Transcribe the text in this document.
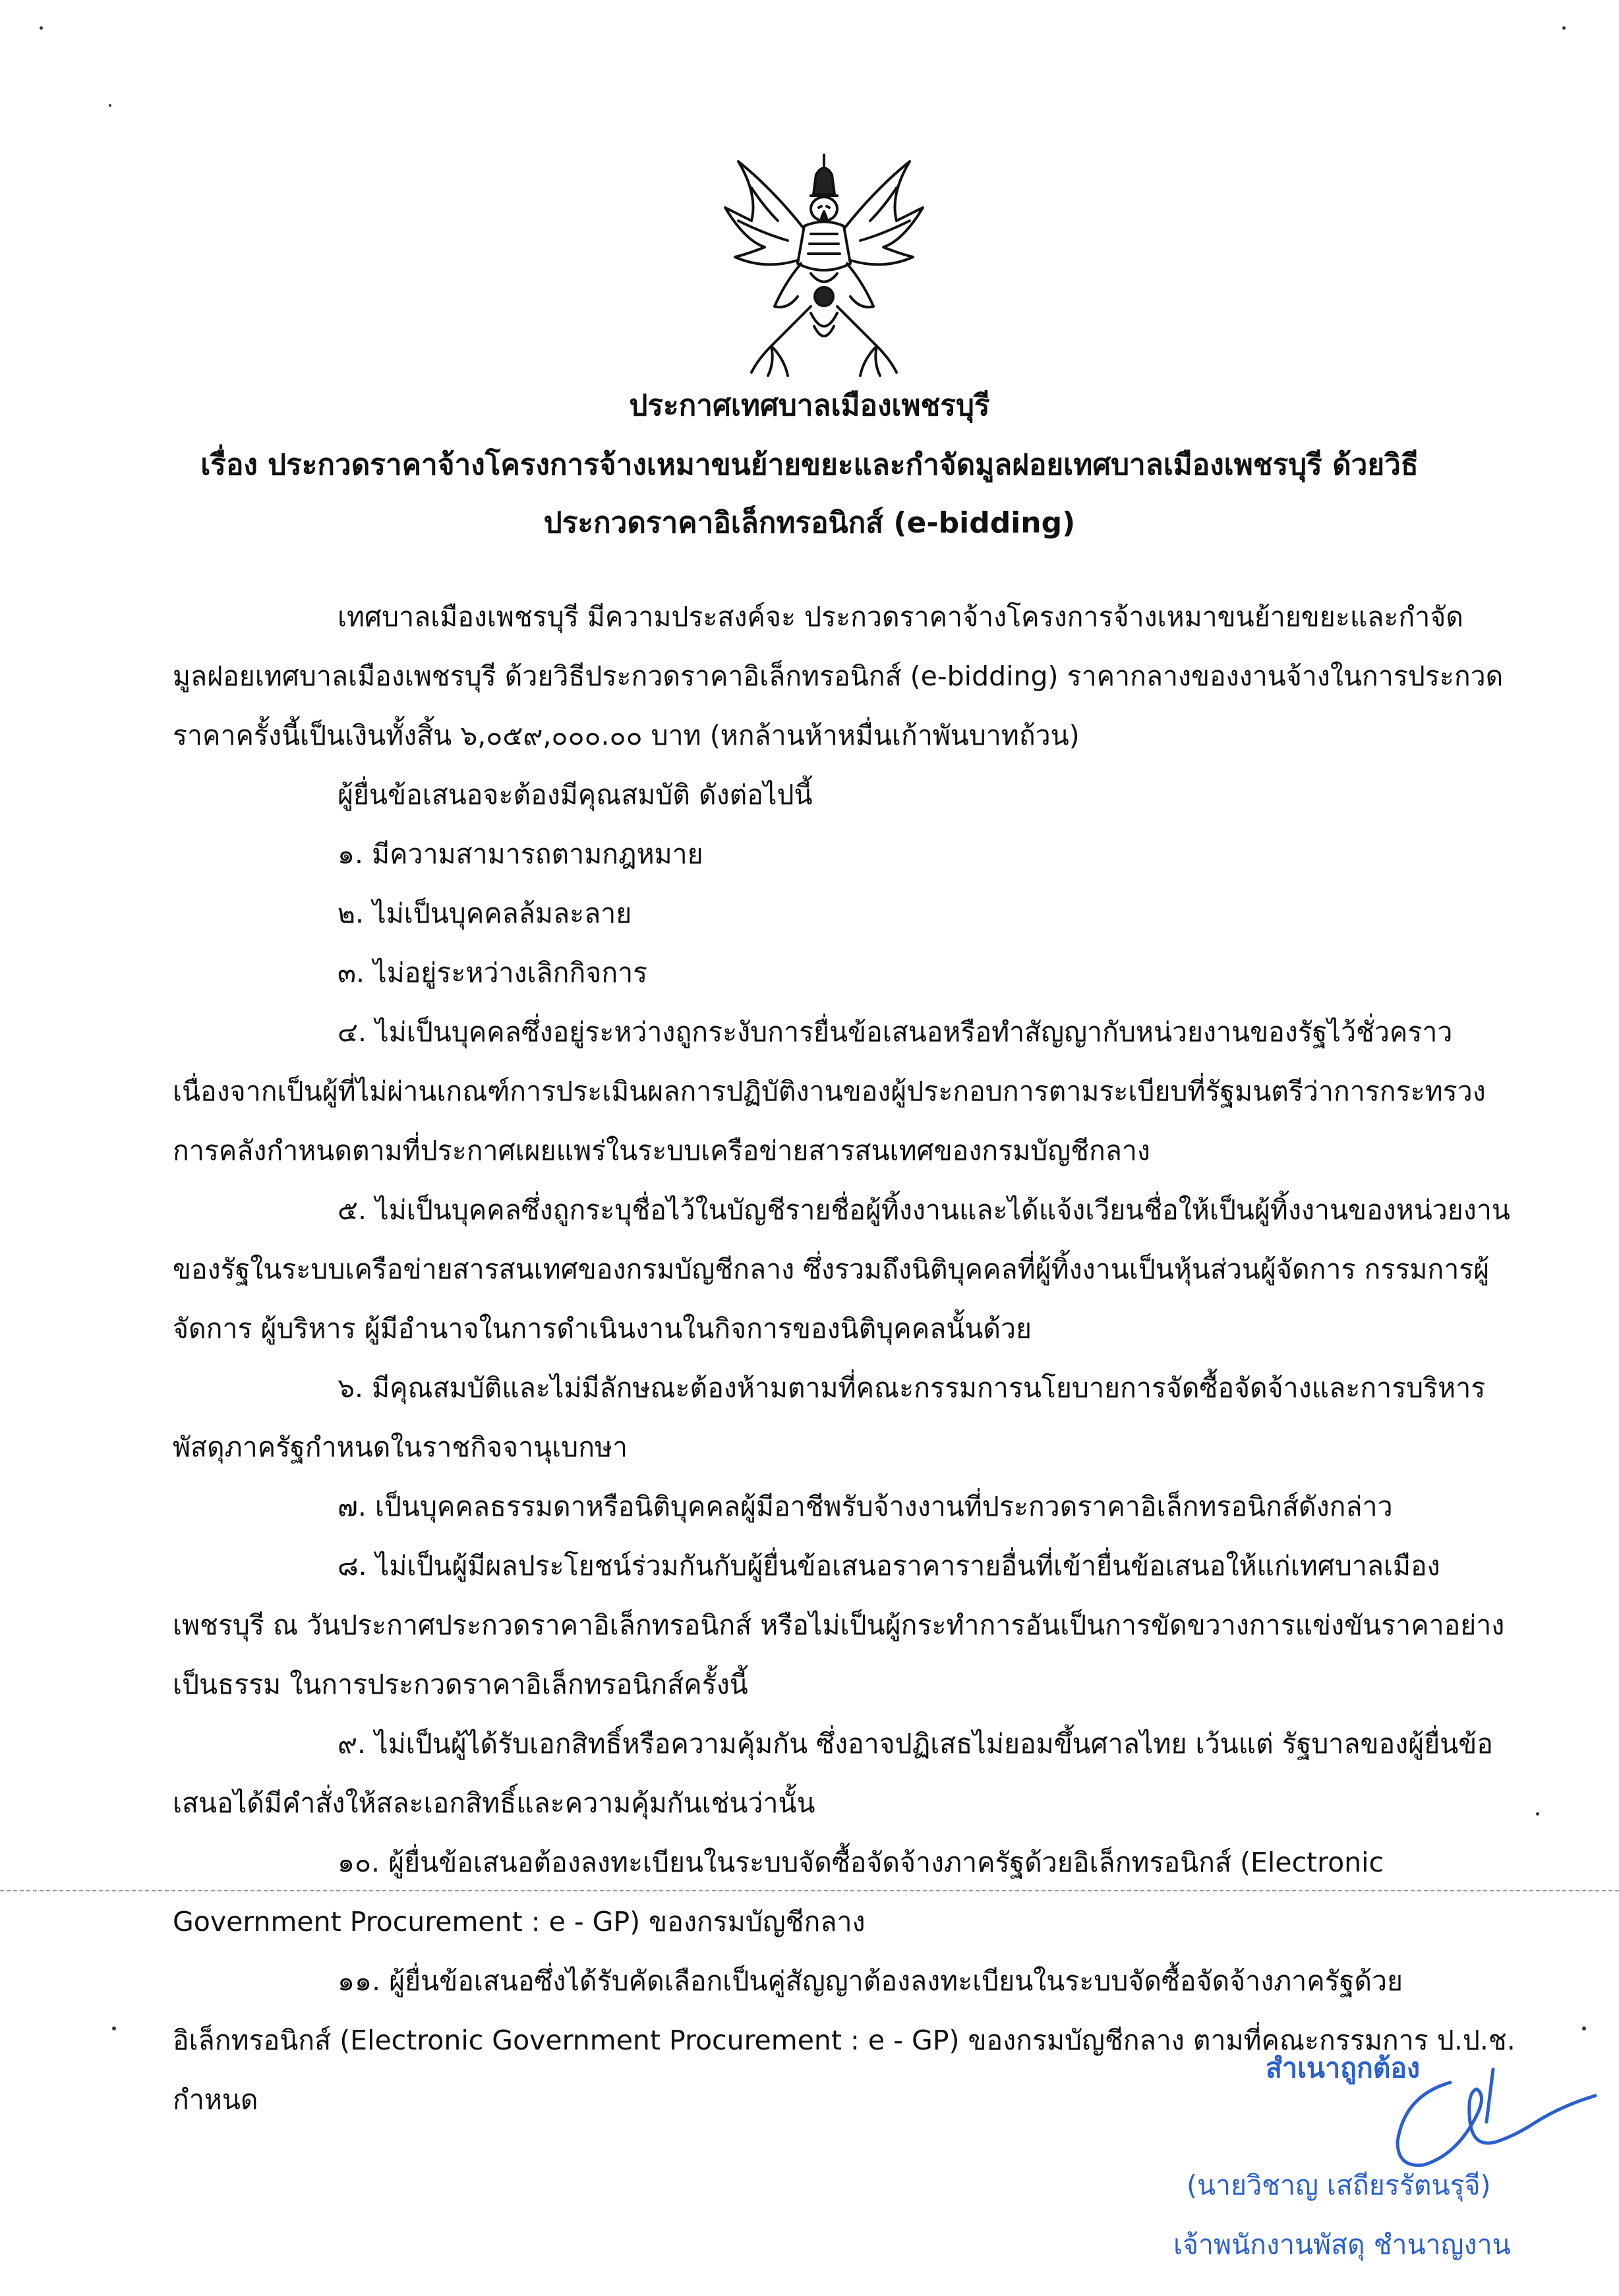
ประกาศเทศบาลเมืองเพชรบุรี
เรื่อง ประกวดราคาจ้างโครงการจ้างเหมาขนย้ายขยะและกำจัดมูลฝอยเทศบาลเมืองเพชรบุรี ด้วยวิธี
ประกวดราคาอิเล็กทรอนิกส์ (e-bidding)
เทศบาลเมืองเพชรบุรี มีความประสงค์จะ ประกวดราคาจ้างโครงการจ้างเหมาขนย้ายขยะและกำจัด
มูลฝอยเทศบาลเมืองเพชรบุรี ด้วยวิธีประกวดราคาอิเล็กทรอนิกส์ (e-bidding) ราคากลางของงานจ้างในการประกวด
ราคาครั้งนี้เป็นเงินทั้งสิ้น ๖,๐๕๙,๐๐๐.๐๐ บาท (หกล้านห้าหมื่นเก้าพันบาทถ้วน)
ผู้ยื่นข้อเสนอจะต้องมีคุณสมบัติ ดังต่อไปนี้
๑. มีความสามารถตามกฎหมาย
๒. ไม่เป็นบุคคลล้มละลาย
๓. ไม่อยู่ระหว่างเลิกกิจการ
๔. ไม่เป็นบุคคลซึ่งอยู่ระหว่างถูกระงับการยื่นข้อเสนอหรือทำสัญญากับหน่วยงานของรัฐไว้ชั่วคราว
เนื่องจากเป็นผู้ที่ไม่ผ่านเกณฑ์การประเมินผลการปฏิบัติงานของผู้ประกอบการตามระเบียบที่รัฐมนตรีว่าการกระทรวง
การคลังกำหนดตามที่ประกาศเผยแพร่ในระบบเครือข่ายสารสนเทศของกรมบัญชีกลาง
๕. ไม่เป็นบุคคลซึ่งถูกระบุชื่อไว้ในบัญชีรายชื่อผู้ทิ้งงานและได้แจ้งเวียนชื่อให้เป็นผู้ทิ้งงานของหน่วยงาน
ของรัฐในระบบเครือข่ายสารสนเทศของกรมบัญชีกลาง ซึ่งรวมถึงนิติบุคคลที่ผู้ทิ้งงานเป็นหุ้นส่วนผู้จัดการ กรรมการผู้
จัดการ ผู้บริหาร ผู้มีอำนาจในการดำเนินงานในกิจการของนิติบุคคลนั้นด้วย
๖. มีคุณสมบัติและไม่มีลักษณะต้องห้ามตามที่คณะกรรมการนโยบายการจัดซื้อจัดจ้างและการบริหาร
พัสดุภาครัฐกำหนดในราชกิจจานุเบกษา
๗. เป็นบุคคลธรรมดาหรือนิติบุคคลผู้มีอาชีพรับจ้างงานที่ประกวดราคาอิเล็กทรอนิกส์ดังกล่าว
๘. ไม่เป็นผู้มีผลประโยชน์ร่วมกันกับผู้ยื่นข้อเสนอราคารายอื่นที่เข้ายื่นข้อเสนอให้แก่เทศบาลเมือง
เพชรบุรี ณ วันประกาศประกวดราคาอิเล็กทรอนิกส์ หรือไม่เป็นผู้กระทำการอันเป็นการขัดขวางการแข่งขันราคาอย่าง
เป็นธรรม ในการประกวดราคาอิเล็กทรอนิกส์ครั้งนี้
๙. ไม่เป็นผู้ได้รับเอกสิทธิ์หรือความคุ้มกัน ซึ่งอาจปฏิเสธไม่ยอมขึ้นศาลไทย เว้นแต่ รัฐบาลของผู้ยื่นข้อ
เสนอได้มีคำสั่งให้สละเอกสิทธิ์และความคุ้มกันเช่นว่านั้น
๑๐. ผู้ยื่นข้อเสนอต้องลงทะเบียนในระบบจัดซื้อจัดจ้างภาครัฐด้วยอิเล็กทรอนิกส์ (Electronic
Government Procurement : e - GP) ของกรมบัญชีกลาง
๑๑. ผู้ยื่นข้อเสนอซึ่งได้รับคัดเลือกเป็นคู่สัญญาต้องลงทะเบียนในระบบจัดซื้อจัดจ้างภาครัฐด้วย
อิเล็กทรอนิกส์ (Electronic Government Procurement : e - GP) ของกรมบัญชีกลาง ตามที่คณะกรรมการ ป.ป.ช.
กำหนด
สำเนาถูกต้อง
(นายวิชาญ เสถียรรัตนรุจี)
เจ้าพนักงานพัสดุ ชำนาญงาน
